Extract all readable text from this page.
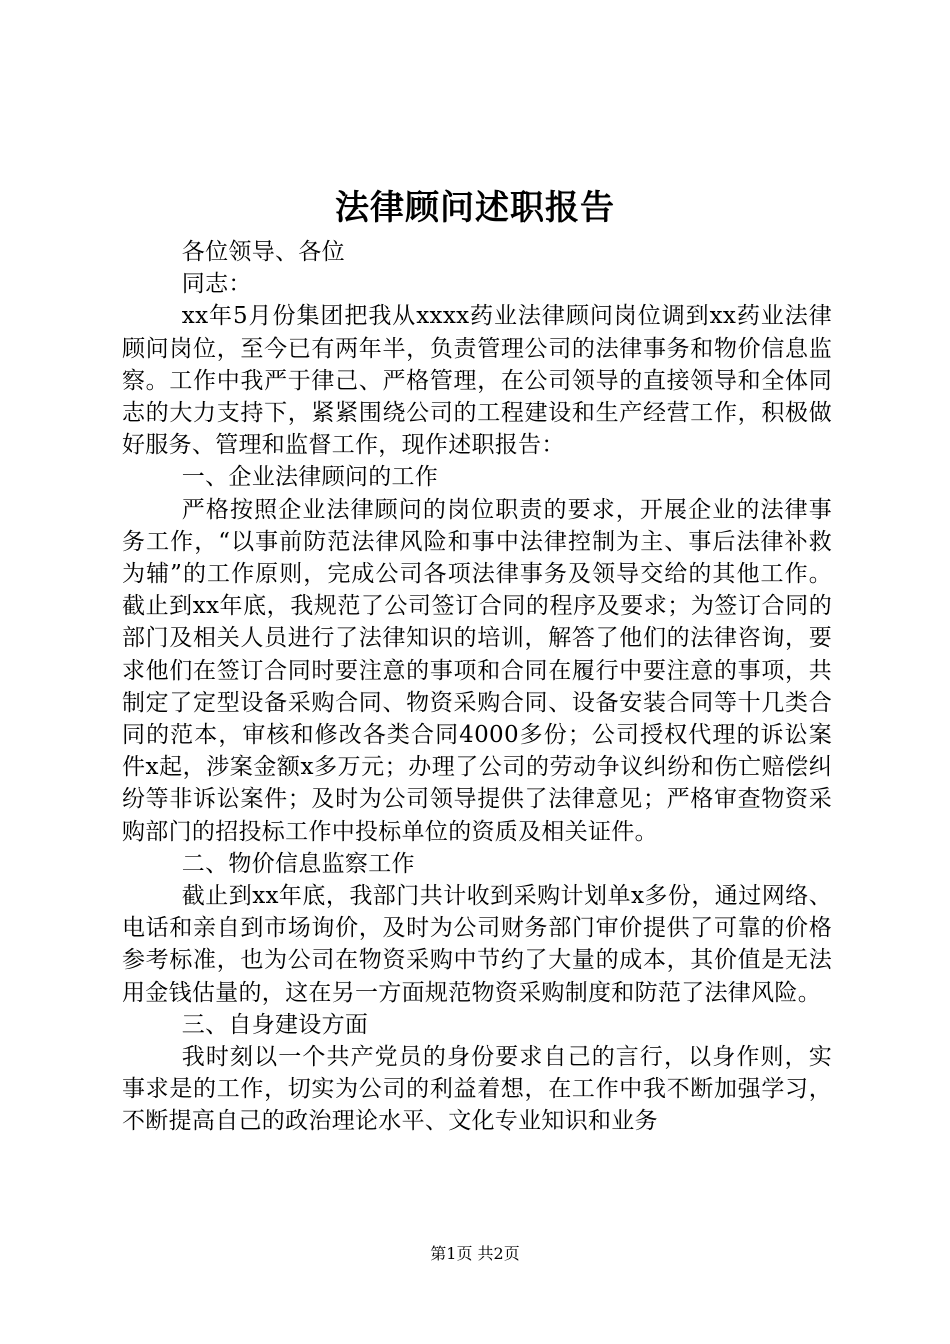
法律顾问述职报告

各位领导、各位

同志：

xx年5月份集团把我从xxxx药业法律顾问岗位调到xx药业法律顾问岗位，至今已有两年半，负责管理公司的法律事务和物价信息监察。工作中我严于律己、严格管理，在公司领导的直接领导和全体同志的大力支持下，紧紧围绕公司的工程建设和生产经营工作，积极做好服务、管理和监督工作，现作述职报告：

一、企业法律顾问的工作

严格按照企业法律顾问的岗位职责的要求，开展企业的法律事务工作，“以事前防范法律风险和事中法律控制为主、事后法律补救为辅”的工作原则，完成公司各项法律事务及领导交给的其他工作。截止到xx年底，我规范了公司签订合同的程序及要求；为签订合同的部门及相关人员进行了法律知识的培训，解答了他们的法律咨询，要求他们在签订合同时要注意的事项和合同在履行中要注意的事项，共制定了定型设备采购合同、物资采购合同、设备安装合同等十几类合同的范本，审核和修改各类合同4000多份；公司授权代理的诉讼案件x起，涉案金额x多万元；办理了公司的劳动争议纠纷和伤亡赔偿纠纷等非诉讼案件；及时为公司领导提供了法律意见；严格审查物资采购部门的招投标工作中投标单位的资质及相关证件。

二、物价信息监察工作

截止到xx年底，我部门共计收到采购计划单x多份，通过网络、电话和亲自到市场询价，及时为公司财务部门审价提供了可靠的价格参考标准，也为公司在物资采购中节约了大量的成本，其价值是无法用金钱估量的，这在另一方面规范物资采购制度和防范了法律风险。

三、自身建设方面

我时刻以一个共产党员的身份要求自己的言行，以身作则，实事求是的工作，切实为公司的利益着想，在工作中我不断加强学习，不断提高自己的政治理论水平、文化专业知识和业务

第1页 共2页
